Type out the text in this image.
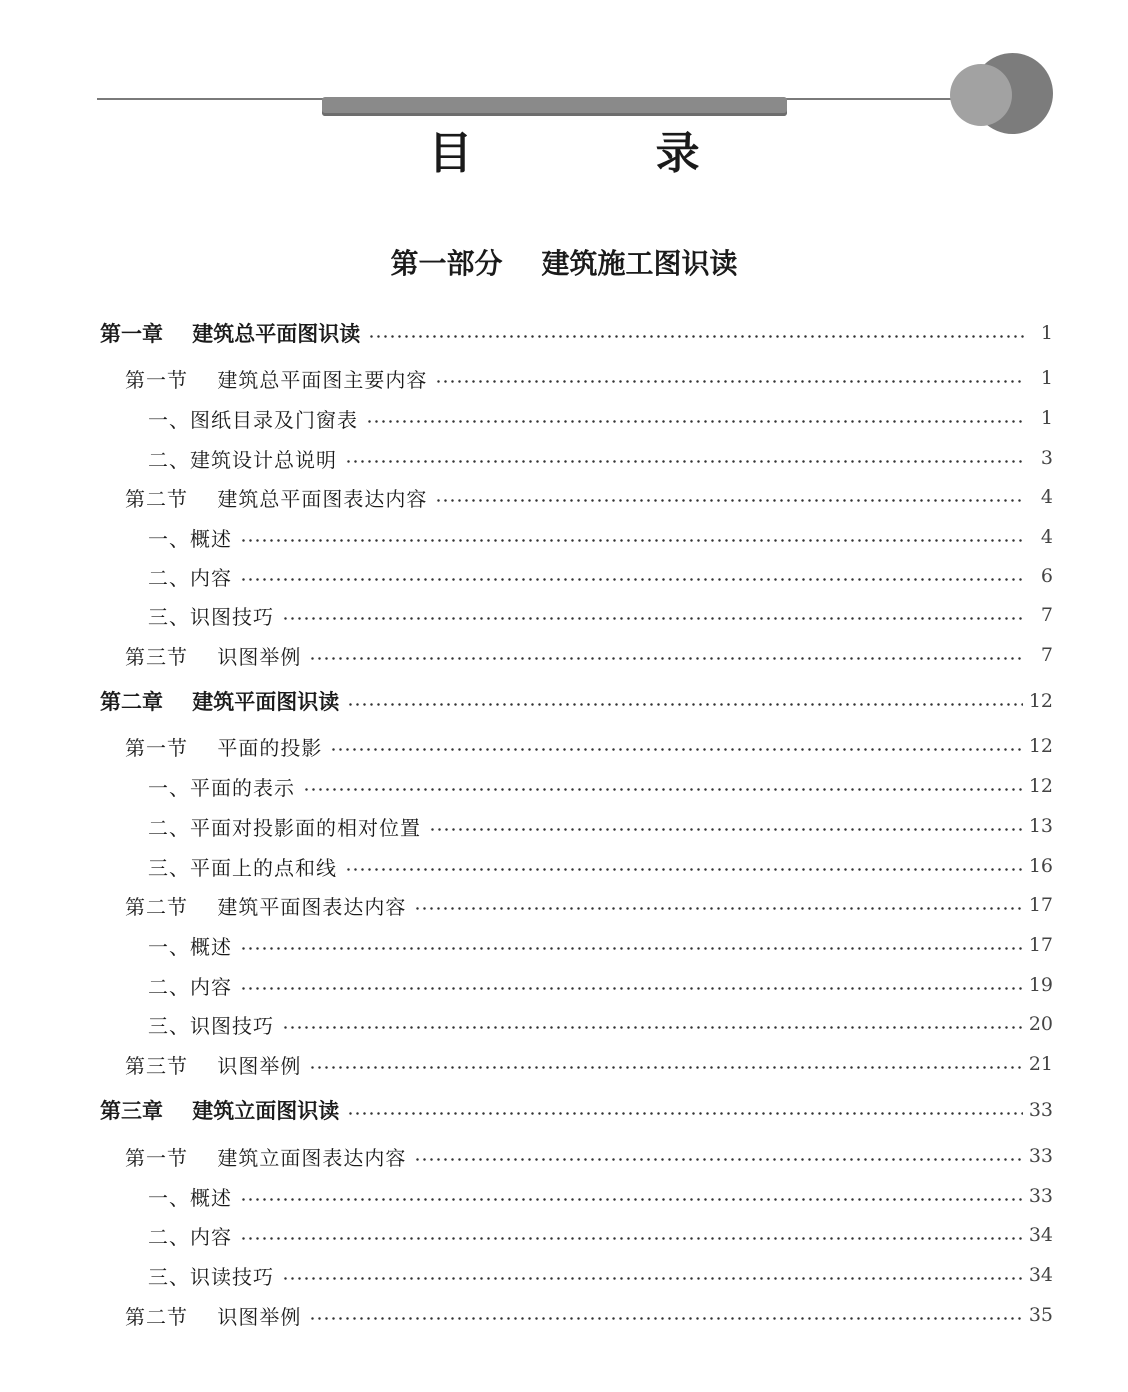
目 录
第一部分    建筑施工图识读
第一章    建筑总平面图识读	1
第一节    建筑总平面图主要内容	1
一、图纸目录及门窗表	1
二、建筑设计总说明	3
第二节    建筑总平面图表达内容	4
一、概述	4
二、内容	6
三、识图技巧	7
第三节    识图举例	7
第二章    建筑平面图识读	12
第一节    平面的投影	12
一、平面的表示	12
二、平面对投影面的相对位置	13
三、平面上的点和线	16
第二节    建筑平面图表达内容	17
一、概述	17
二、内容	19
三、识图技巧	20
第三节    识图举例	21
第三章    建筑立面图识读	33
第一节    建筑立面图表达内容	33
一、概述	33
二、内容	34
三、识读技巧	34
第二节    识图举例	35
